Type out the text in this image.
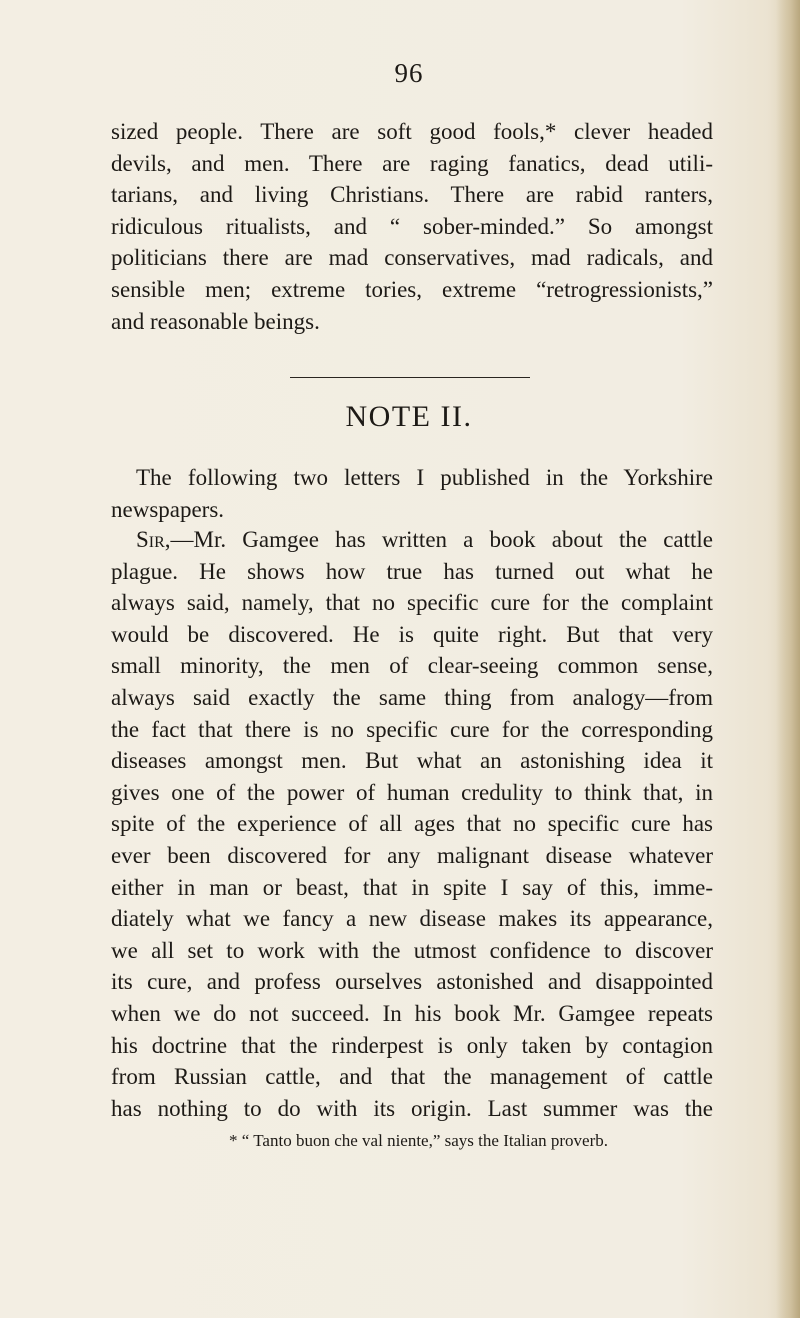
96
sized people. There are soft good fools,* clever headed
devils, and men. There are raging fanatics, dead utili-
tarians, and living Christians. There are rabid ranters,
ridiculous ritualists, and “ sober-minded.” So amongst
politicians there are mad conservatives, mad radicals, and
sensible men; extreme tories, extreme “retrogressionists,”
and reasonable beings.
NOTE II.
The following two letters I published in the Yorkshire
newspapers.
Sir,—Mr. Gamgee has written a book about the cattle
plague. He shows how true has turned out what he
always said, namely, that no specific cure for the complaint
would be discovered. He is quite right. But that very
small minority, the men of clear-seeing common sense,
always said exactly the same thing from analogy—from
the fact that there is no specific cure for the corresponding
diseases amongst men. But what an astonishing idea it
gives one of the power of human credulity to think that, in
spite of the experience of all ages that no specific cure has
ever been discovered for any malignant disease whatever
either in man or beast, that in spite I say of this, imme-
diately what we fancy a new disease makes its appearance,
we all set to work with the utmost confidence to discover
its cure, and profess ourselves astonished and disappointed
when we do not succeed. In his book Mr. Gamgee repeats
his doctrine that the rinderpest is only taken by contagion
from Russian cattle, and that the management of cattle
has nothing to do with its origin. Last summer was the
* “ Tanto buon che val niente,” says the Italian proverb.
